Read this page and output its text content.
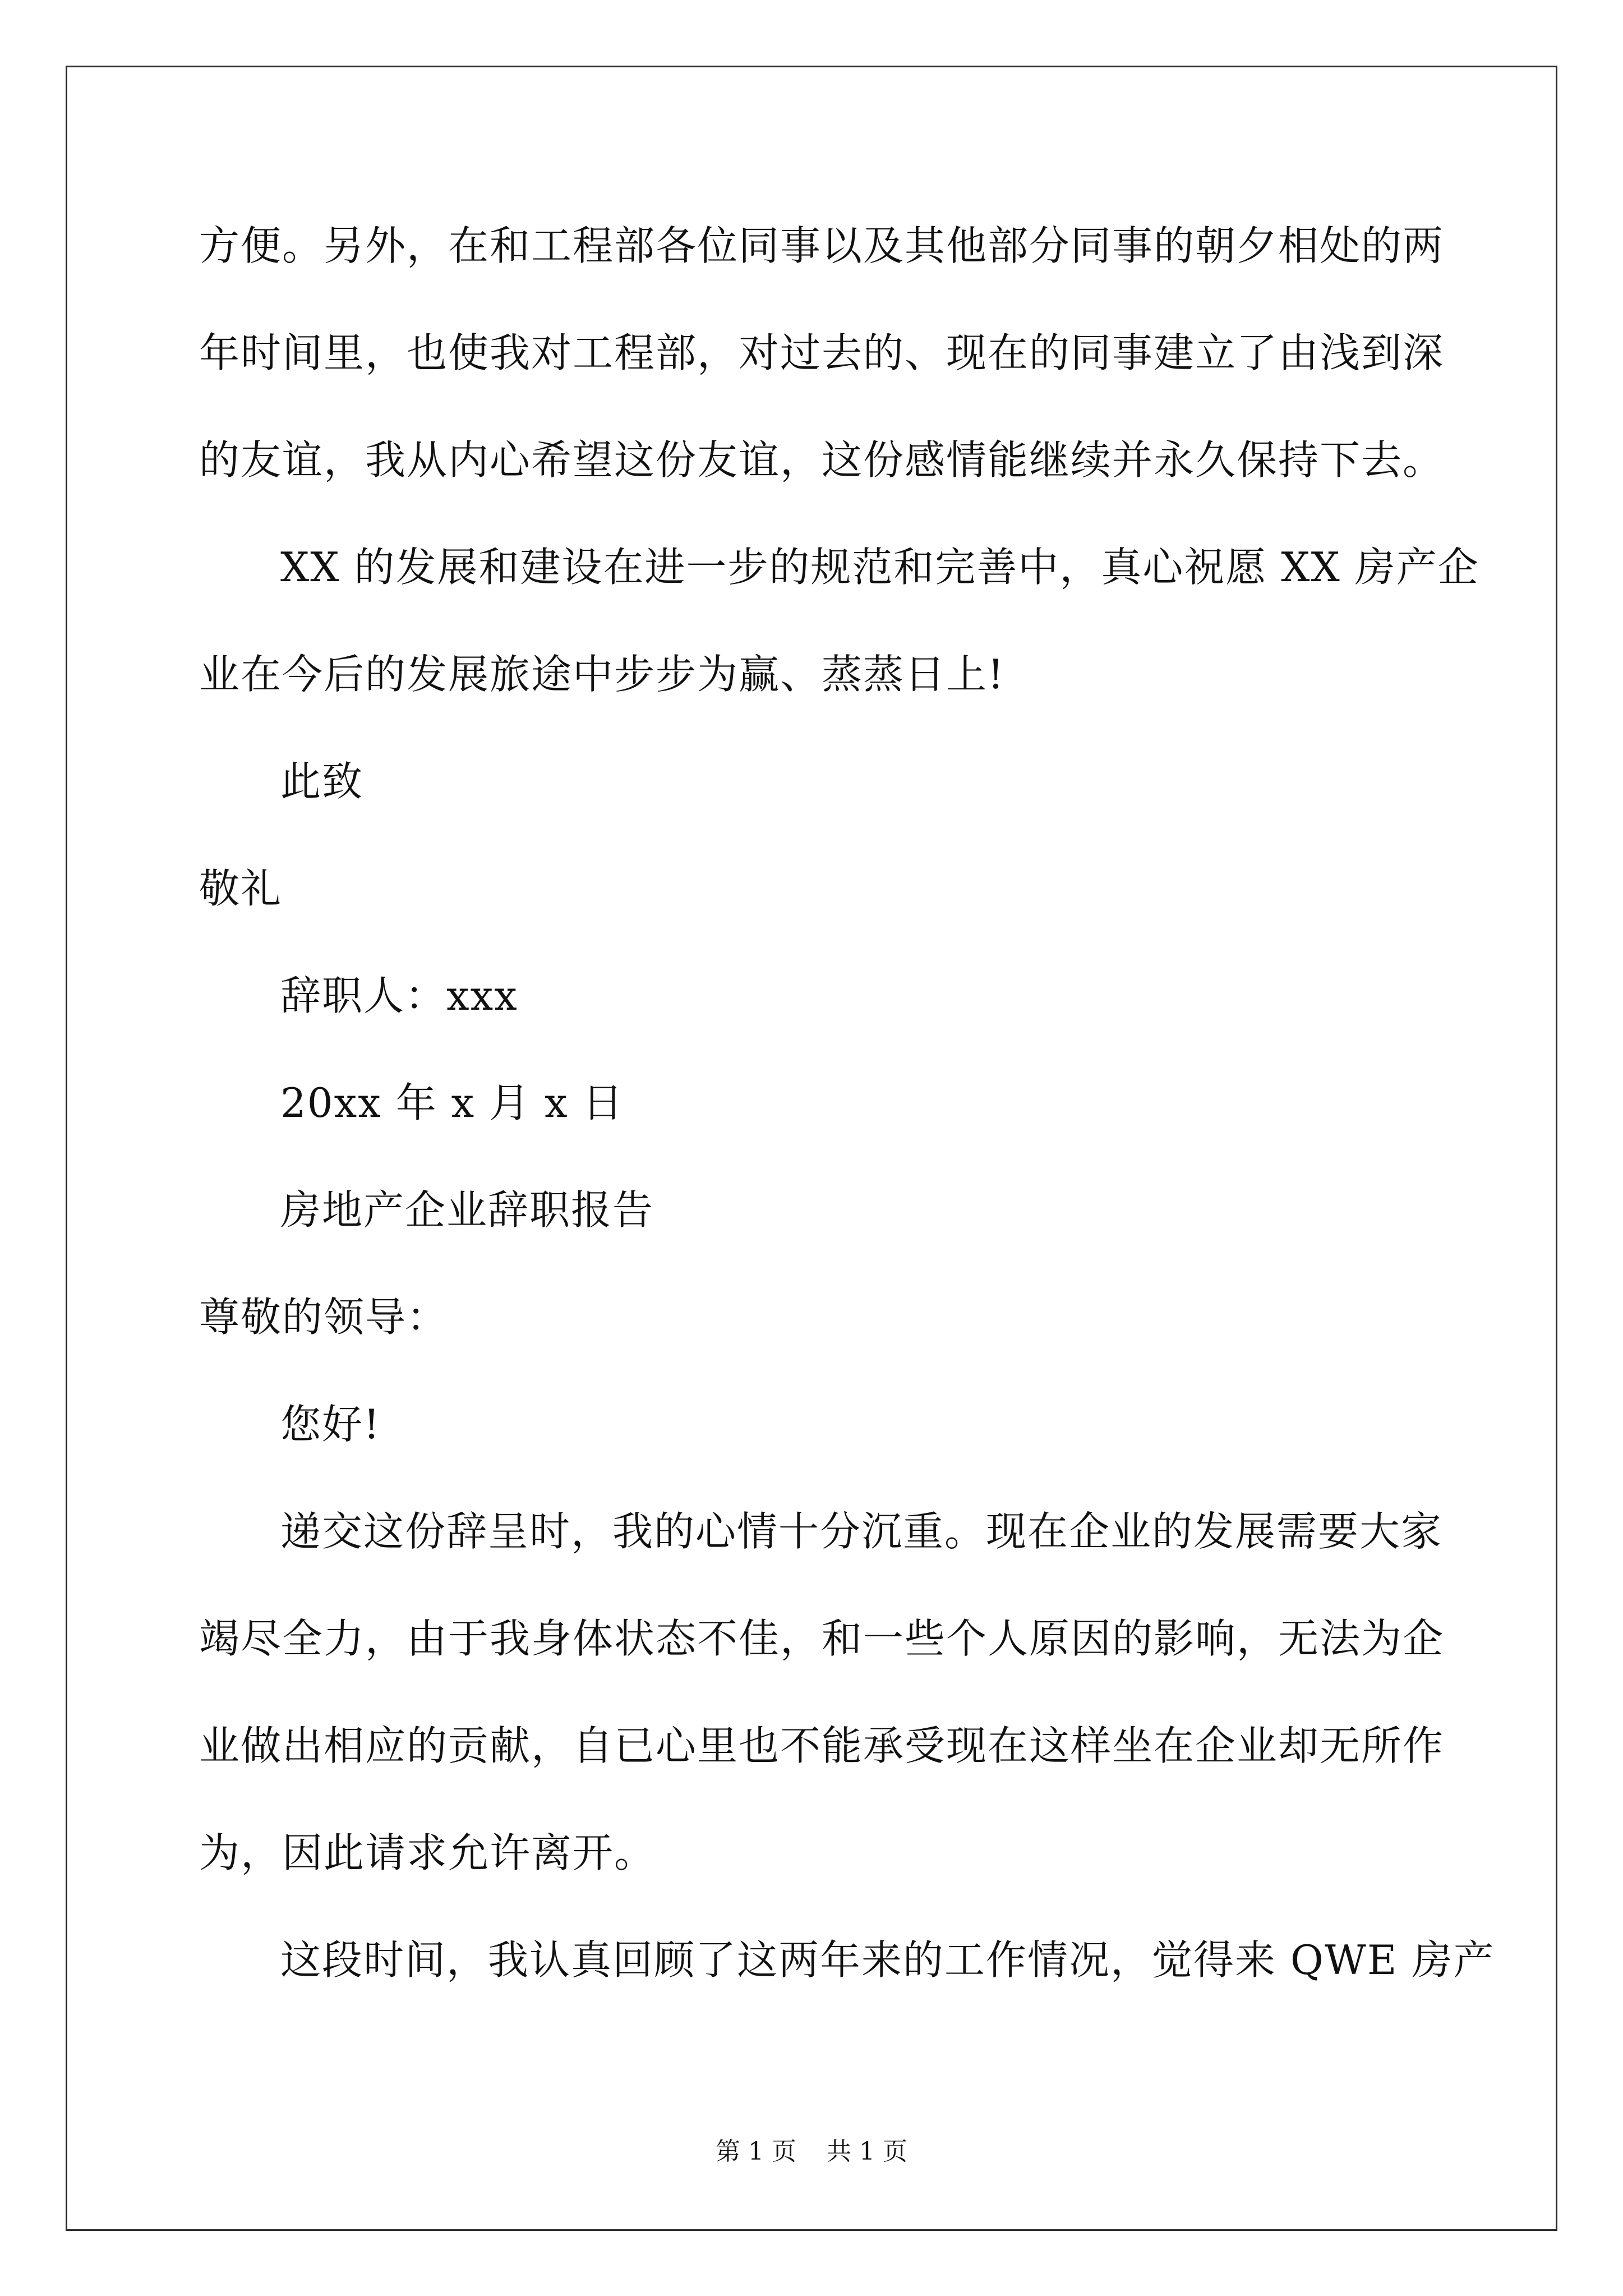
方便。另外，在和工程部各位同事以及其他部分同事的朝夕相处的两
年时间里，也使我对工程部，对过去的、现在的同事建立了由浅到深
的友谊，我从内心希望这份友谊，这份感情能继续并永久保持下去。
XX 的发展和建设在进一步的规范和完善中，真心祝愿 XX 房产企
业在今后的发展旅途中步步为赢、蒸蒸日上!
此致
敬礼
辞职人：xxx
20xx 年 x 月 x 日
房地产企业辞职报告
尊敬的领导：
您好!
递交这份辞呈时，我的心情十分沉重。现在企业的发展需要大家
竭尽全力，由于我身体状态不佳，和一些个人原因的影响，无法为企
业做出相应的贡献，自已心里也不能承受现在这样坐在企业却无所作
为，因此请求允许离开。
这段时间，我认真回顾了这两年来的工作情况，觉得来 QWE 房产
第 1 页 共 1 页
